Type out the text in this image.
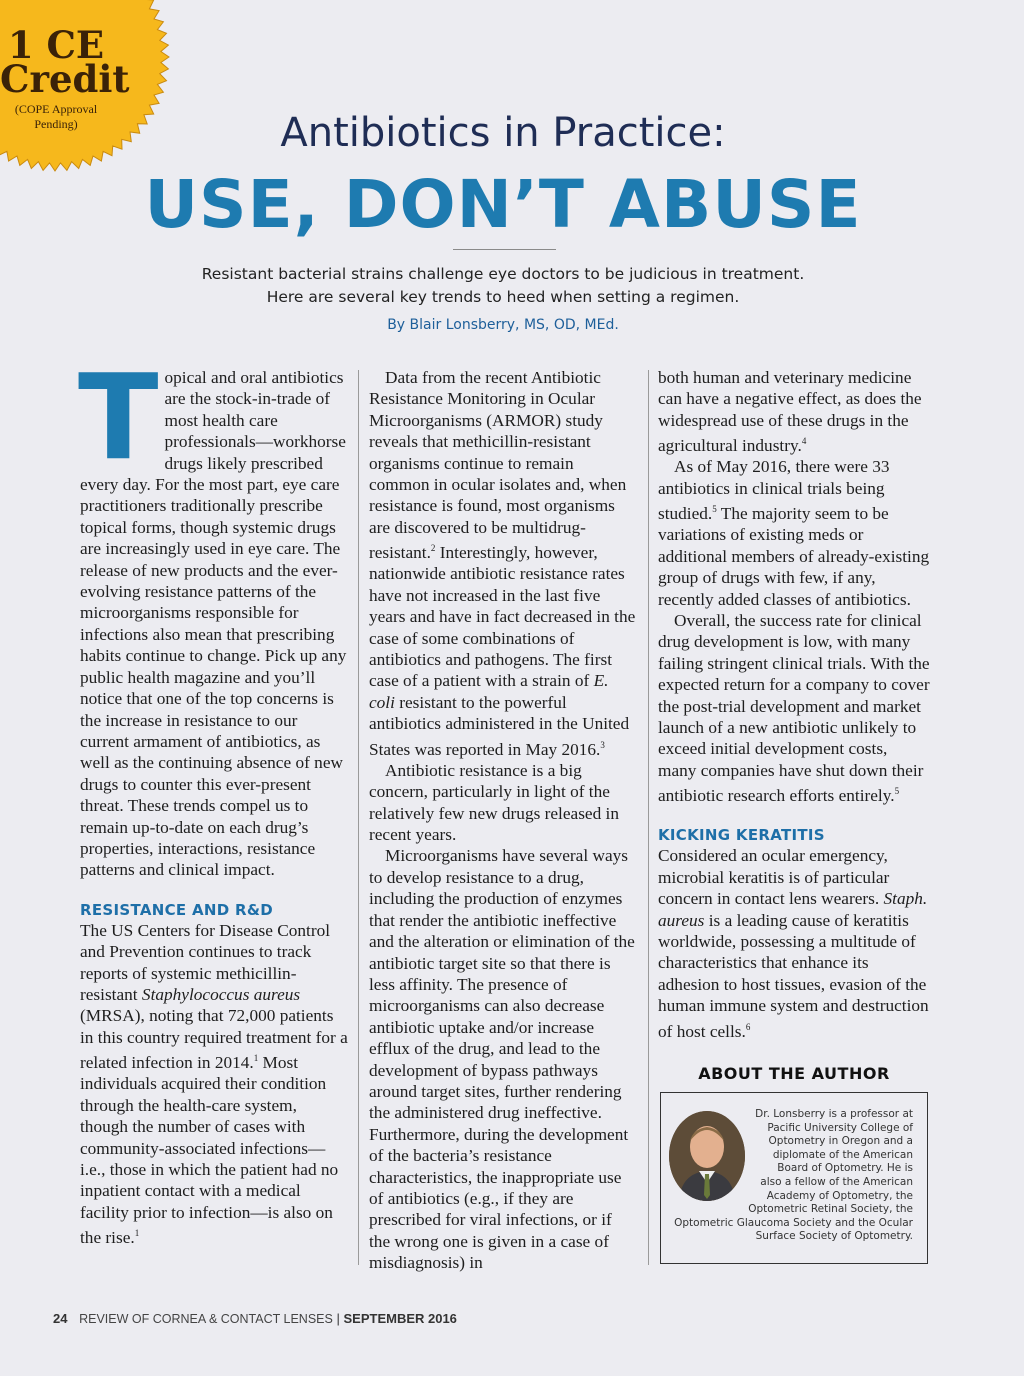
1 CE
Credit
(COPE Approval Pending)	Antibiotics in Practice:
USE, DON’T ABUSE
Resistant bacterial strains challenge eye doctors to be judicious in treatment.
Here are several key trends to heed when setting a regimen.
By Blair Lonsberry, MS, OD, MEd.

Topical and oral antibiotics are the stock-in-trade of most health care professionals—workhorse drugs likely prescribed every day. For the most part, eye care practitioners traditionally prescribe topical forms, though systemic drugs are increasingly used in eye care. The release of new products and the ever-evolving resistance patterns of the microorganisms responsible for infections also mean that prescribing habits continue to change. Pick up any public health magazine and you’ll notice that one of the top concerns is the increase in resistance to our current armament of antibiotics, as well as the continuing absence of new drugs to counter this ever-present threat. These trends compel us to remain up-to-date on each drug’s properties, interactions, resistance patterns and clinical impact.

RESISTANCE AND R&D

The US Centers for Disease Control and Prevention continues to track reports of systemic methicillin-resistant Staphylococcus aureus (MRSA), noting that 72,000 patients in this country required treatment for a related infection in 2014.$^1$ Most individuals acquired their condition through the health-care system, though the number of cases with community-associated infections—i.e., those in which the patient had no inpatient contact with a medical facility prior to infection—is also on the rise.$^1$

Data from the recent Antibiotic Resistance Monitoring in Ocular Microorganisms (ARMOR) study reveals that methicillin-resistant organisms continue to remain common in ocular isolates and, when resistance is found, most organisms are discovered to be multidrug-resistant.$^2$ Interestingly, however, nationwide antibiotic resistance rates have not increased in the last five years and have in fact decreased in the case of some combinations of antibiotics and pathogens. The first case of a patient with a strain of E. coli resistant to the powerful antibiotics administered in the United States was reported in May 2016.$^3$

Antibiotic resistance is a big concern, particularly in light of the relatively few new drugs released in recent years.

Microorganisms have several ways to develop resistance to a drug, including the production of enzymes that render the antibiotic ineffective and the alteration or elimination of the antibiotic target site so that there is less affinity. The presence of microorganisms can also decrease antibiotic uptake and/or increase efflux of the drug, and lead to the development of bypass pathways around target sites, further rendering the administered drug ineffective. Furthermore, during the development of the bacteria’s resistance characteristics, the inappropriate use of antibiotics (e.g., if they are prescribed for viral infections, or if the wrong one is given in a case of misdiagnosis) in

both human and veterinary medicine can have a negative effect, as does the widespread use of these drugs in the agricultural industry.$^4$

As of May 2016, there were 33 antibiotics in clinical trials being studied.$^5$ The majority seem to be variations of existing meds or additional members of already-existing group of drugs with few, if any, recently added classes of antibiotics.

Overall, the success rate for clinical drug development is low, with many failing stringent clinical trials. With the expected return for a company to cover the post-trial development and market launch of a new antibiotic unlikely to exceed initial development costs, many companies have shut down their antibiotic research efforts entirely.$^5$

KICKING KERATITIS

Considered an ocular emergency, microbial keratitis is of particular concern in contact lens wearers. Staph. aureus is a leading cause of keratitis worldwide, possessing a multitude of characteristics that enhance its adhesion to host tissues, evasion of the human immune system and destruction of host cells.$^6$

ABOUT THE AUTHOR
Dr. Lonsberry is a professor at Pacific University College of Optometry in Oregon and a diplomate of the American Board of Optometry. He is also a fellow of the American Academy of Optometry, the Optometric Retinal Society, the Optometric Glaucoma Society and the Ocular Surface Society of Optometry.
24 REVIEW OF CORNEA & CONTACT LENSES | SEPTEMBER 2016
